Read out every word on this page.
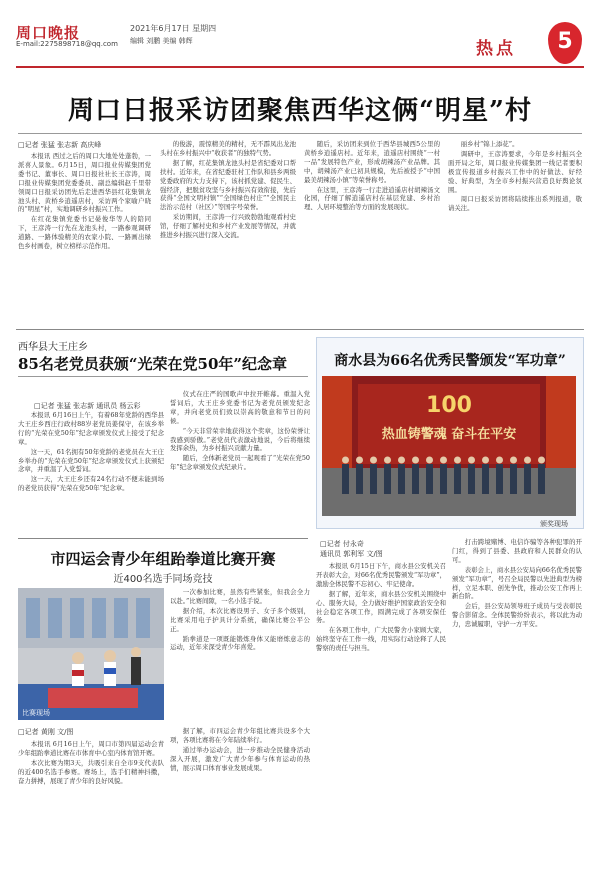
周口晚报
E-mail:2275898718@qq.com
2021年6月17日 星期四
编辑 刘鹏 美编 韩辉	热点	5
周口日报采访团聚焦西华这俩“明星”村
□记者 张猛 张志新 高庆峰

本报讯 西过之后的周口大地处处蓬勃，一派喜人景象。6月15日，周口报业传媒集团党委书记、董事长、周口日报社社长王彦涛，周口报业传媒集团党委委员、副总编辑赵千里带领周口日报采访团先后走进西华县红花集镇龙池头村、黄桥乡逍遥店村，采访两个家喻户晓的“明星”村，实地调研乡村振兴工作。

在红花集镇党委书记晏俊华等人的陪同下，王彦涛一行先在龙池头村，一路参观调研道路、一路体验精美的农家小院、一路画出绿色乡村画卷，树立榜样示范作用。

的俊游，震惊精美的精村，无不霹凤出龙池头村在乡村振兴中“收获者”的独特气势。

据了解，红花集镇龙池头村是省纪委对口帮扶村。近年来，在省纪委驻村工作队和县乡两级党委政府的大力支持下，该村抓党建、促民生、强经济，把脱贫攻坚与乡村振兴有效衔接，先后获得“全国文明村镇”“全国绿色村庄”“全国民主法治示范村（社区）”等国字号荣誉。

采访期间，王彦涛一行兴致勃勃地观看村史馆，仔细了解村史和乡村产业发展等情况，并就推进乡村振兴进行深入交流。

随后，采访团来到位于西华县城西5公里的黄桥乡逍遥店村。近年来，逍遥店村围绕“一村一品”发展特色产业，形成胡辣汤产业品牌。其中，胡辣汤产业已初具规模，先后被授予“中国最美胡辣汤小镇”等荣誉称号。

在这里，王彦涛一行走进逍遥店村胡辣汤文化园，仔细了解逍遥店村在基层党建、乡村治理、人居环境整治等方面的发展现状。

丽乡村“锦上添花”。

调研中，王彦涛要求，今年是乡村振兴全面开局之年，周口报业传媒集团一线记者要积极宣传报道乡村振兴工作中的好做法、好经验、好典型，为全市乡村振兴营造良好舆论氛围。

周口日报采访团将陆续推出系列报道，敬请关注。

西华县大王庄乡
85名老党员获颁“光荣在党50年”纪念章
□记者 张猛 张志新 通讯员 杨云彩

本报讯 6月16日上午，有着68年党龄的西华县大王庄乡西庄行政村88岁老党员姜保守，在该乡举行的“光荣在党50年”纪念章颁发仪式上接受了纪念章。

这一天，61名拥有50年党龄的老党员在大王庄乡举办的“光荣在党50年”纪念章颁发仪式上获颁纪念章，并重温了入党誓词。

这一天，大王庄乡还有24名行动不便未能到场的老党员获得“光荣在党50年”纪念章。

仪式在庄严的国歌声中拉开帷幕。重温入党誓词后，大王庄乡党委书记为老党员颁发纪念章，并向老党员们致以崇高的敬意和节日的问候。

“今天非常荣幸地获得这个奖章，这份荣誉让我感到骄傲。”老党员代表激动地说，今后将继续发挥余热，为乡村振兴贡献力量。

随后，全体新老党员一起观看了“光荣在党50年”纪念章颁发仪式纪录片。

商水县为66名优秀民警颁发“军功章”
100
热血铸警魂 奋斗在平安
颁奖现场
□记者 付永奇
通讯员 郭利军 文/图

本报讯 6月15日下午，商水县公安机关召开表彰大会，对66名优秀民警颁发“军功章”，激励全体民警不忘初心、牢记使命。

据了解，近年来，商水县公安机关围绕中心、服务大局，全力做好维护国家政治安全和社会稳定各项工作，圆满完成了各项安保任务。

在各项工作中，广大民警舍小家顾大家，始终坚守在工作一线，用实际行动诠释了人民警察的责任与担当。

打击跨境赌博、电信诈骗等各种犯罪的开门红，得到了县委、县政府和人民群众的认可。

表彰会上，商水县公安局向66名优秀民警颁发“军功章”，号召全局民警以先进典型为榜样，立足本职、创先争优，推动公安工作再上新台阶。

会后，县公安局领导班子成员与受表彰民警合影留念。全体民警纷纷表示，将以此为动力，忠诚履职，守护一方平安。

市四运会青少年组跆拳道比赛开赛
近400名选手同场竞技
比赛现场

一次参加比赛，虽然有些紧张，但我会全力以赴。”比赛间隙，一名小选手说。

据介绍，本次比赛设男子、女子多个级别，比赛采用电子护具计分系统，确保比赛公平公正。

跆拳道是一项既能锻炼身体又能磨炼意志的运动，近年来深受青少年喜爱。

□记者 黄刚 文/图

本报讯 6月16日上午，周口市第四届运动会青少年组跆拳道比赛在市体育中心室内体育馆开赛。

本次比赛为期3天，共吸引来自全市9支代表队的近400名选手参赛。赛场上，选手们精神抖擞，奋力拼搏，展现了青少年的良好风貌。

据了解，市四运会青少年组比赛共设多个大项，各项比赛将在今年陆续举行。

通过举办运动会，进一步推动全民健身活动深入开展，激发广大青少年参与体育运动的热情，展示周口体育事业发展成果。
